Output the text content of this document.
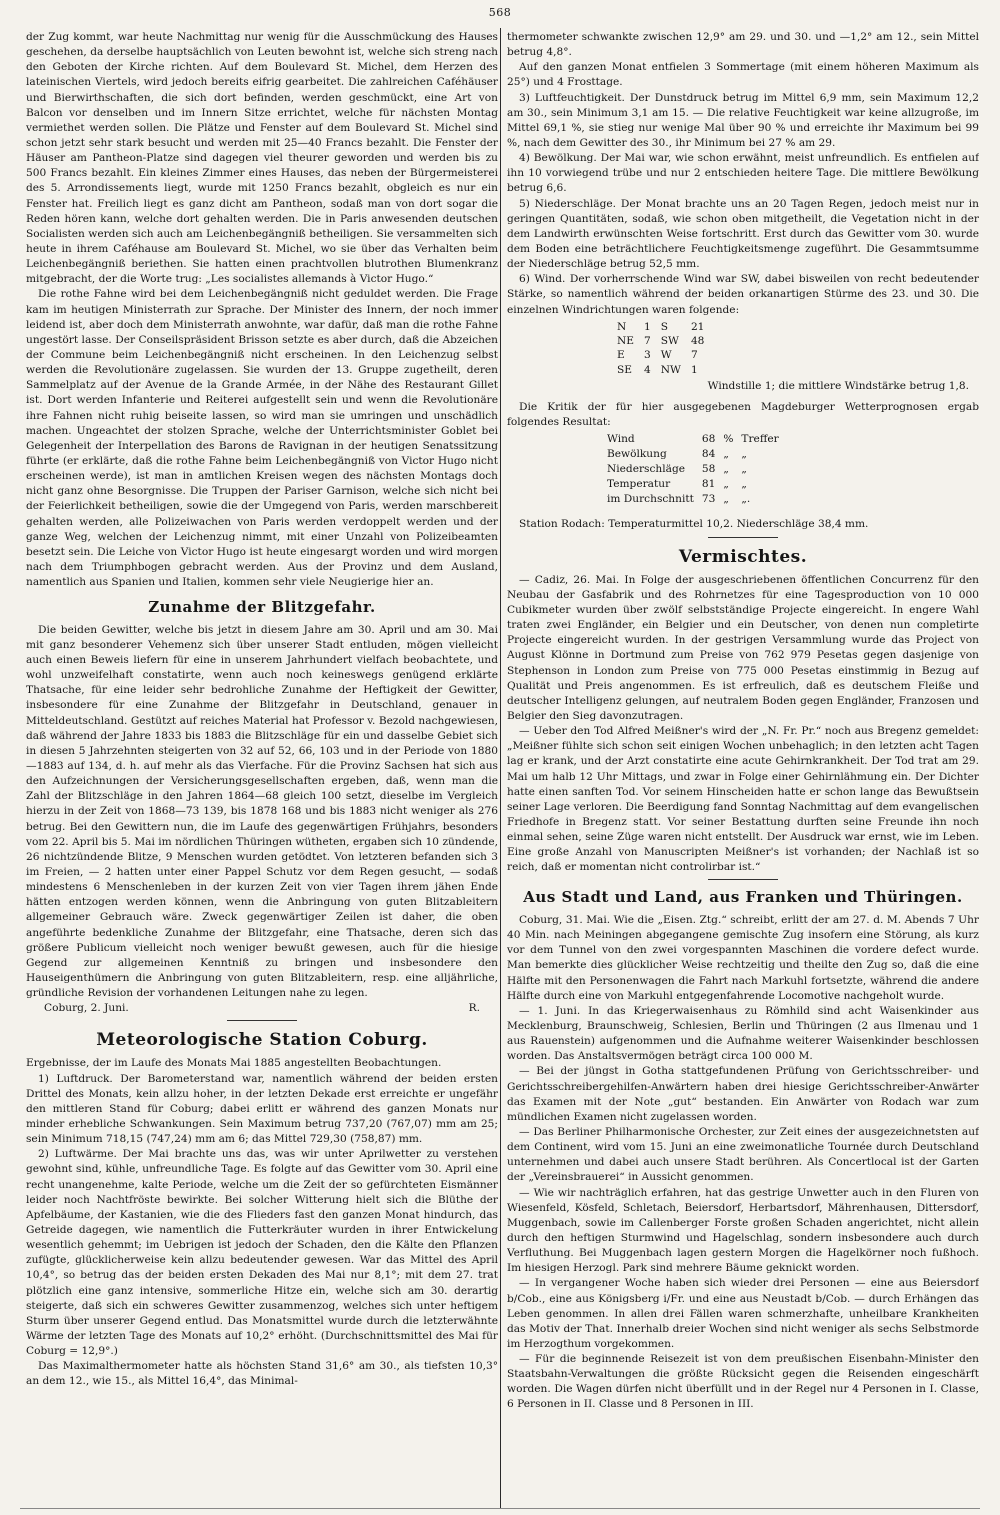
568

der Zug kommt, war heute Nachmittag nur wenig für die Ausschmückung des Hauses geschehen, da derselbe hauptsächlich von Leuten bewohnt ist, welche sich streng nach den Geboten der Kirche richten. Auf dem Boulevard St. Michel, dem Herzen des lateinischen Viertels, wird jedoch bereits eifrig gearbeitet. Die zahlreichen Caféhäuser und Bierwirthschaften, die sich dort befinden, werden geschmückt, eine Art von Balcon vor denselben und im Innern Sitze errichtet, welche für nächsten Montag vermiethet werden sollen. Die Plätze und Fenster auf dem Boulevard St. Michel sind schon jetzt sehr stark besucht und werden mit 25—40 Francs bezahlt. Die Fenster der Häuser am Pantheon-Platze sind dagegen viel theurer geworden und werden bis zu 500 Francs bezahlt. Ein kleines Zimmer eines Hauses, das neben der Bürgermeisterei des 5. Arrondissements liegt, wurde mit 1250 Francs bezahlt, obgleich es nur ein Fenster hat. Freilich liegt es ganz dicht am Pantheon, sodaß man von dort sogar die Reden hören kann, welche dort gehalten werden. Die in Paris anwesenden deutschen Socialisten werden sich auch am Leichenbegängniß betheiligen. Sie versammelten sich heute in ihrem Caféhause am Boulevard St. Michel, wo sie über das Verhalten beim Leichenbegängniß beriethen. Sie hatten einen prachtvollen blutrothen Blumenkranz mitgebracht, der die Worte trug: „Les socialistes allemands à Victor Hugo.“

Die rothe Fahne wird bei dem Leichenbegängniß nicht geduldet werden. Die Frage kam im heutigen Ministerrath zur Sprache. Der Minister des Innern, der noch immer leidend ist, aber doch dem Ministerrath anwohnte, war dafür, daß man die rothe Fahne ungestört lasse. Der Conseilspräsident Brisson setzte es aber durch, daß die Abzeichen der Commune beim Leichenbegängniß nicht erscheinen. In den Leichenzug selbst werden die Revolutionäre zugelassen. Sie wurden der 13. Gruppe zugetheilt, deren Sammelplatz auf der Avenue de la Grande Armée, in der Nähe des Restaurant Gillet ist. Dort werden Infanterie und Reiterei aufgestellt sein und wenn die Revolutionäre ihre Fahnen nicht ruhig beiseite lassen, so wird man sie umringen und unschädlich machen. Ungeachtet der stolzen Sprache, welche der Unterrichtsminister Goblet bei Gelegenheit der Interpellation des Barons de Ravignan in der heutigen Senatssitzung führte (er erklärte, daß die rothe Fahne beim Leichenbegängniß von Victor Hugo nicht erscheinen werde), ist man in amtlichen Kreisen wegen des nächsten Montags doch nicht ganz ohne Besorgnisse. Die Truppen der Pariser Garnison, welche sich nicht bei der Feierlichkeit betheiligen, sowie die der Umgegend von Paris, werden marschbereit gehalten werden, alle Polizeiwachen von Paris werden verdoppelt werden und der ganze Weg, welchen der Leichenzug nimmt, mit einer Unzahl von Polizeibeamten besetzt sein. Die Leiche von Victor Hugo ist heute eingesargt worden und wird morgen nach dem Triumphbogen gebracht werden. Aus der Provinz und dem Ausland, namentlich aus Spanien und Italien, kommen sehr viele Neugierige hier an.

Zunahme der Blitzgefahr.

Die beiden Gewitter, welche bis jetzt in diesem Jahre am 30. April und am 30. Mai mit ganz besonderer Vehemenz sich über unserer Stadt entluden, mögen vielleicht auch einen Beweis liefern für eine in unserem Jahrhundert vielfach beobachtete, und wohl unzweifelhaft constatirte, wenn auch noch keineswegs genügend erklärte Thatsache, für eine leider sehr bedrohliche Zunahme der Heftigkeit der Gewitter, insbesondere für eine Zunahme der Blitzgefahr in Deutschland, genauer in Mitteldeutschland. Gestützt auf reiches Material hat Professor v. Bezold nachgewiesen, daß während der Jahre 1833 bis 1883 die Blitzschläge für ein und dasselbe Gebiet sich in diesen 5 Jahrzehnten steigerten von 32 auf 52, 66, 103 und in der Periode von 1880—1883 auf 134, d. h. auf mehr als das Vierfache. Für die Provinz Sachsen hat sich aus den Aufzeichnungen der Versicherungsgesellschaften ergeben, daß, wenn man die Zahl der Blitzschläge in den Jahren 1864—68 gleich 100 setzt, dieselbe im Vergleich hierzu in der Zeit von 1868—73 139, bis 1878 168 und bis 1883 nicht weniger als 276 betrug. Bei den Gewittern nun, die im Laufe des gegenwärtigen Frühjahrs, besonders vom 22. April bis 5. Mai im nördlichen Thüringen wütheten, ergaben sich 10 zündende, 26 nichtzündende Blitze, 9 Menschen wurden getödtet. Von letzteren befanden sich 3 im Freien, — 2 hatten unter einer Pappel Schutz vor dem Regen gesucht, — sodaß mindestens 6 Menschenleben in der kurzen Zeit von vier Tagen ihrem jähen Ende hätten entzogen werden können, wenn die Anbringung von guten Blitzableitern allgemeiner Gebrauch wäre. Zweck gegenwärtiger Zeilen ist daher, die oben angeführte bedenkliche Zunahme der Blitzgefahr, eine Thatsache, deren sich das größere Publicum vielleicht noch weniger bewußt gewesen, auch für die hiesige Gegend zur allgemeinen Kenntniß zu bringen und insbesondere den Hauseigenthümern die Anbringung von guten Blitzableitern, resp. eine alljährliche, gründliche Revision der vorhandenen Leitungen nahe zu legen.

Coburg, 2. Juni.	R.
Meteorologische Station Coburg.

Ergebnisse, der im Laufe des Monats Mai 1885 angestellten Beobachtungen.

1) Luftdruck. Der Barometerstand war, namentlich während der beiden ersten Drittel des Monats, kein allzu hoher, in der letzten Dekade erst erreichte er ungefähr den mittleren Stand für Coburg; dabei erlitt er während des ganzen Monats nur minder erhebliche Schwankungen. Sein Maximum betrug 737,20 (767,07) mm am 25; sein Minimum 718,15 (747,24) mm am 6; das Mittel 729,30 (758,87) mm.

2) Luftwärme. Der Mai brachte uns das, was wir unter Aprilwetter zu verstehen gewohnt sind, kühle, unfreundliche Tage. Es folgte auf das Gewitter vom 30. April eine recht unangenehme, kalte Periode, welche um die Zeit der so gefürchteten Eismänner leider noch Nachtfröste bewirkte. Bei solcher Witterung hielt sich die Blüthe der Apfelbäume, der Kastanien, wie die des Flieders fast den ganzen Monat hindurch, das Getreide dagegen, wie namentlich die Futterkräuter wurden in ihrer Entwickelung wesentlich gehemmt; im Uebrigen ist jedoch der Schaden, den die Kälte den Pflanzen zufügte, glücklicherweise kein allzu bedeutender gewesen. War das Mittel des April 10,4°, so betrug das der beiden ersten Dekaden des Mai nur 8,1°; mit dem 27. trat plötzlich eine ganz intensive, sommerliche Hitze ein, welche sich am 30. derartig steigerte, daß sich ein schweres Gewitter zusammenzog, welches sich unter heftigem Sturm über unserer Gegend entlud. Das Monatsmittel wurde durch die letzterwähnte Wärme der letzten Tage des Monats auf 10,2° erhöht. (Durchschnittsmittel des Mai für Coburg = 12,9°.)

Das Maximalthermometer hatte als höchsten Stand 31,6° am 30., als tiefsten 10,3° an dem 12., wie 15., als Mittel 16,4°, das Minimal-

thermometer schwankte zwischen 12,9° am 29. und 30. und —1,2° am 12., sein Mittel betrug 4,8°.

Auf den ganzen Monat entfielen 3 Sommertage (mit einem höheren Maximum als 25°) und 4 Frosttage.

3) Luftfeuchtigkeit. Der Dunstdruck betrug im Mittel 6,9 mm, sein Maximum 12,2 am 30., sein Minimum 3,1 am 15. — Die relative Feuchtigkeit war keine allzugroße, im Mittel 69,1 %, sie stieg nur wenige Mal über 90 % und erreichte ihr Maximum bei 99 %, nach dem Gewitter des 30., ihr Minimum bei 27 % am 29.

4) Bewölkung. Der Mai war, wie schon erwähnt, meist unfreundlich. Es entfielen auf ihn 10 vorwiegend trübe und nur 2 entschieden heitere Tage. Die mittlere Bewölkung betrug 6,6.

5) Niederschläge. Der Monat brachte uns an 20 Tagen Regen, jedoch meist nur in geringen Quantitäten, sodaß, wie schon oben mitgetheilt, die Vegetation nicht in der dem Landwirth erwünschten Weise fortschritt. Erst durch das Gewitter vom 30. wurde dem Boden eine beträchtlichere Feuchtigkeitsmenge zugeführt. Die Gesammtsumme der Niederschläge betrug 52,5 mm.

6) Wind. Der vorherrschende Wind war SW, dabei bisweilen von recht bedeutender Stärke, so namentlich während der beiden orkanartigen Stürme des 23. und 30. Die einzelnen Windrichtungen waren folgende:

N	1	S	21
NE	7	SW	48
E	3	W	7
SE	4	NW	1
Windstille 1; die mittlere Windstärke betrug 1,8.

Die Kritik der für hier ausgegebenen Magdeburger Wetterprognosen ergab folgendes Resultat:

Wind	68	%	Treffer
Bewölkung	84	„	„
Niederschläge	58	„	„
Temperatur	81	„	„
im Durchschnitt	73	„	„.

Station Rodach: Temperaturmittel 10,2. Niederschläge 38,4 mm.

Vermischtes.

— Cadiz, 26. Mai. In Folge der ausgeschriebenen öffentlichen Concurrenz für den Neubau der Gasfabrik und des Rohrnetzes für eine Tagesproduction von 10 000 Cubikmeter wurden über zwölf selbstständige Projecte eingereicht. In engere Wahl traten zwei Engländer, ein Belgier und ein Deutscher, von denen nun completirte Projecte eingereicht wurden. In der gestrigen Versammlung wurde das Project von August Klönne in Dortmund zum Preise von 762 979 Pesetas gegen dasjenige von Stephenson in London zum Preise von 775 000 Pesetas einstimmig in Bezug auf Qualität und Preis angenommen. Es ist erfreulich, daß es deutschem Fleiße und deutscher Intelligenz gelungen, auf neutralem Boden gegen Engländer, Franzosen und Belgier den Sieg davonzutragen.

— Ueber den Tod Alfred Meißner's wird der „N. Fr. Pr.“ noch aus Bregenz gemeldet: „Meißner fühlte sich schon seit einigen Wochen unbehaglich; in den letzten acht Tagen lag er krank, und der Arzt constatirte eine acute Gehirnkrankheit. Der Tod trat am 29. Mai um halb 12 Uhr Mittags, und zwar in Folge einer Gehirnlähmung ein. Der Dichter hatte einen sanften Tod. Vor seinem Hinscheiden hatte er schon lange das Bewußtsein seiner Lage verloren. Die Beerdigung fand Sonntag Nachmittag auf dem evangelischen Friedhofe in Bregenz statt. Vor seiner Bestattung durften seine Freunde ihn noch einmal sehen, seine Züge waren nicht entstellt. Der Ausdruck war ernst, wie im Leben. Eine große Anzahl von Manuscripten Meißner's ist vorhanden; der Nachlaß ist so reich, daß er momentan nicht controlirbar ist.“

Aus Stadt und Land, aus Franken und Thüringen.

Coburg, 31. Mai. Wie die „Eisen. Ztg.“ schreibt, erlitt der am 27. d. M. Abends 7 Uhr 40 Min. nach Meiningen abgegangene gemischte Zug insofern eine Störung, als kurz vor dem Tunnel von den zwei vorgespannten Maschinen die vordere defect wurde. Man bemerkte dies glücklicher Weise rechtzeitig und theilte den Zug so, daß die eine Hälfte mit den Personenwagen die Fahrt nach Markuhl fortsetzte, während die andere Hälfte durch eine von Markuhl entgegenfahrende Locomotive nachgeholt wurde.

— 1. Juni. In das Kriegerwaisenhaus zu Römhild sind acht Waisenkinder aus Mecklenburg, Braunschweig, Schlesien, Berlin und Thüringen (2 aus Ilmenau und 1 aus Rauenstein) aufgenommen und die Aufnahme weiterer Waisenkinder beschlossen worden. Das Anstaltsvermögen beträgt circa 100 000 M.

— Bei der jüngst in Gotha stattgefundenen Prüfung von Gerichtsschreiber- und Gerichtsschreibergehilfen-Anwärtern haben drei hiesige Gerichtsschreiber-Anwärter das Examen mit der Note „gut“ bestanden. Ein Anwärter von Rodach war zum mündlichen Examen nicht zugelassen worden.

— Das Berliner Philharmonische Orchester, zur Zeit eines der ausgezeichnetsten auf dem Continent, wird vom 15. Juni an eine zweimonatliche Tournée durch Deutschland unternehmen und dabei auch unsere Stadt berühren. Als Concertlocal ist der Garten der „Vereinsbrauerei“ in Aussicht genommen.

— Wie wir nachträglich erfahren, hat das gestrige Unwetter auch in den Fluren von Wiesenfeld, Kösfeld, Schletach, Beiersdorf, Herbartsdorf, Mährenhausen, Dittersdorf, Muggenbach, sowie im Callenberger Forste großen Schaden angerichtet, nicht allein durch den heftigen Sturmwind und Hagelschlag, sondern insbesondere auch durch Verfluthung. Bei Muggenbach lagen gestern Morgen die Hagelkörner noch fußhoch. Im hiesigen Herzogl. Park sind mehrere Bäume geknickt worden.

— In vergangener Woche haben sich wieder drei Personen — eine aus Beiersdorf b/Cob., eine aus Königsberg i/Fr. und eine aus Neustadt b/Cob. — durch Erhängen das Leben genommen. In allen drei Fällen waren schmerzhafte, unheilbare Krankheiten das Motiv der That. Innerhalb dreier Wochen sind nicht weniger als sechs Selbstmorde im Herzogthum vorgekommen.

— Für die beginnende Reisezeit ist von dem preußischen Eisenbahn-Minister den Staatsbahn-Verwaltungen die größte Rücksicht gegen die Reisenden eingeschärft worden. Die Wagen dürfen nicht überfüllt und in der Regel nur 4 Personen in I. Classe, 6 Personen in II. Classe und 8 Personen in III.
